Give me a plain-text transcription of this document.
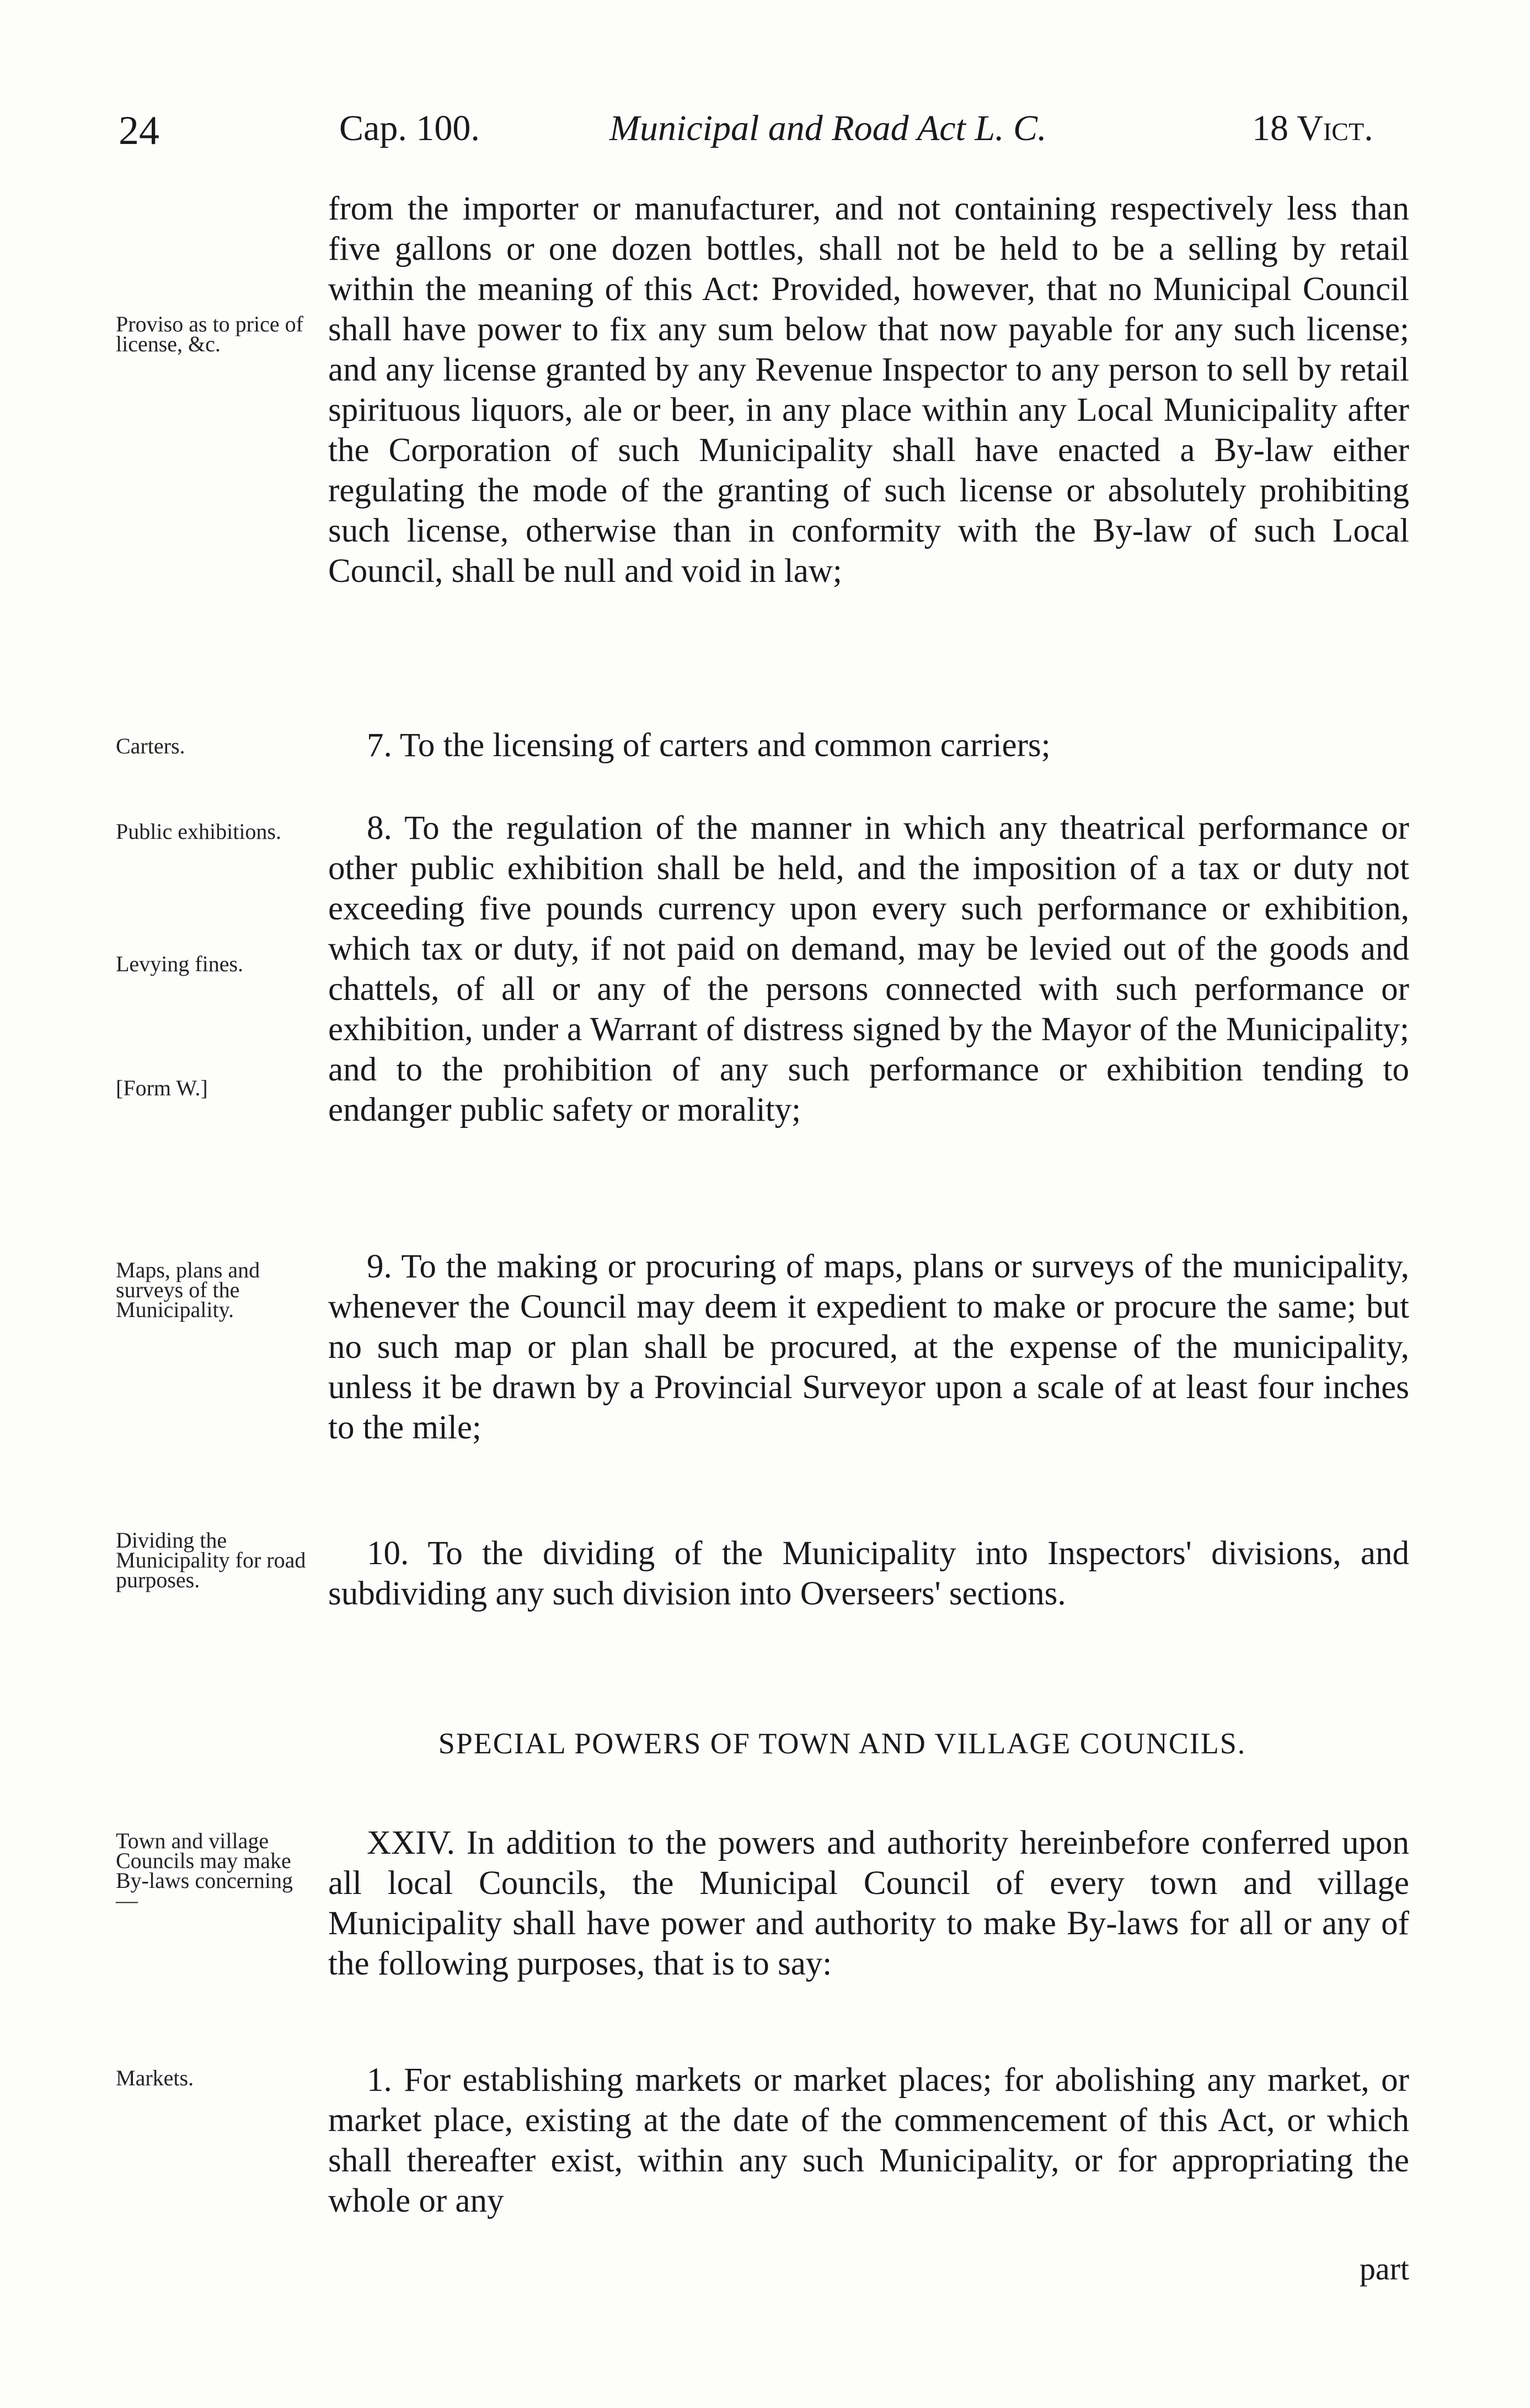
24	Cap. 100.	Municipal and Road Act L. C.	18 Vict.
Proviso as to price of license, &c.
Carters.
Public exhibitions.
Levying fines.
[Form W.]
Maps, plans and surveys of the Municipality.
Dividing the Municipality for road purposes.
Town and village Councils may make By-laws concerning—
Markets.

from the importer or manufacturer, and not containing respectively less than five gallons or one dozen bottles, shall not be held to be a selling by retail within the meaning of this Act: Provided, however, that no Municipal Council shall have power to fix any sum below that now payable for any such license; and any license granted by any Revenue Inspector to any person to sell by retail spirituous liquors, ale or beer, in any place within any Local Municipality after the Corporation of such Municipality shall have enacted a By-law either regulating the mode of the granting of such license or absolutely prohibiting such license, otherwise than in conformity with the By-law of such Local Council, shall be null and void in law;

7. To the licensing of carters and common carriers;

8. To the regulation of the manner in which any theatrical performance or other public exhibition shall be held, and the imposition of a tax or duty not exceeding five pounds currency upon every such performance or exhibition, which tax or duty, if not paid on demand, may be levied out of the goods and chattels, of all or any of the persons connected with such performance or exhibition, under a Warrant of distress signed by the Mayor of the Municipality; and to the prohibition of any such performance or exhibition tending to endanger public safety or morality;

9. To the making or procuring of maps, plans or surveys of the municipality, whenever the Council may deem it expedient to make or procure the same; but no such map or plan shall be procured, at the expense of the municipality, unless it be drawn by a Provincial Surveyor upon a scale of at least four inches to the mile;

10. To the dividing of the Municipality into Inspectors' divisions, and subdividing any such division into Overseers' sections.

SPECIAL POWERS OF TOWN AND VILLAGE COUNCILS.

XXIV. In addition to the powers and authority hereinbefore conferred upon all local Councils, the Municipal Council of every town and village Municipality shall have power and authority to make By-laws for all or any of the following purposes, that is to say:

1. For establishing markets or market places; for abolishing any market, or market place, existing at the date of the commencement of this Act, or which shall thereafter exist, within any such Municipality, or for appropriating the whole or any

part
